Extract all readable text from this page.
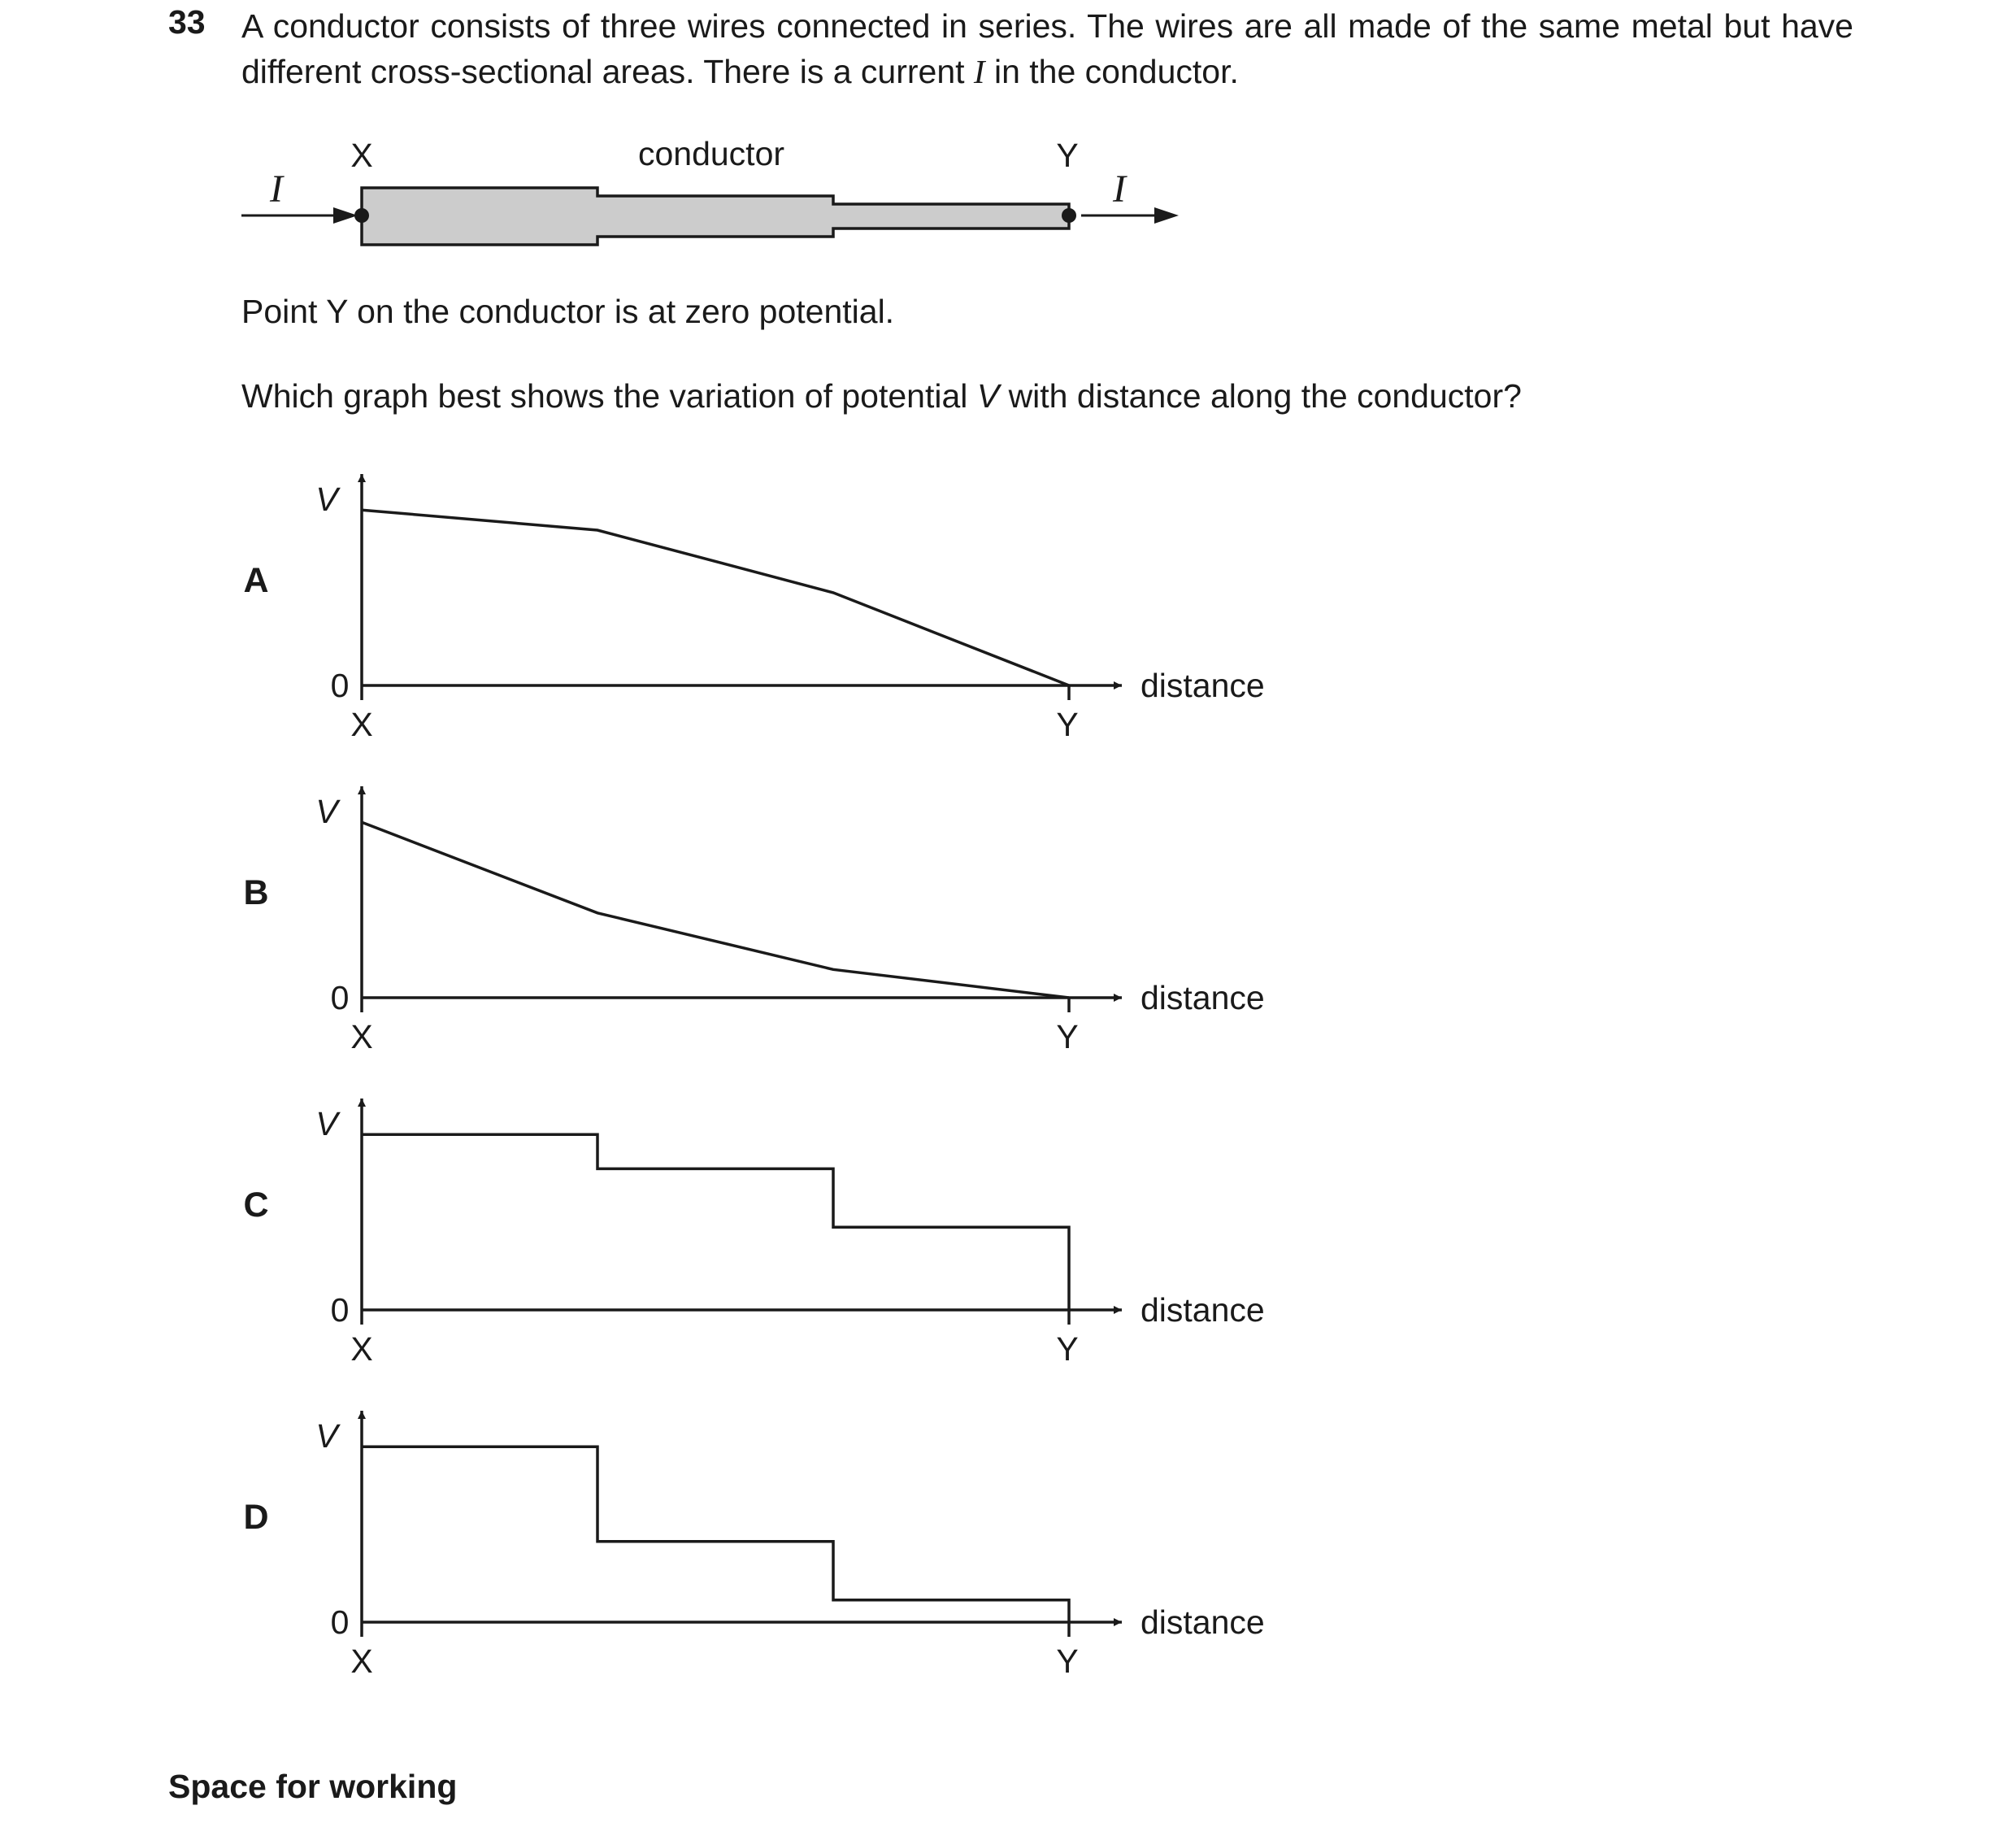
33 A conductor consists of three wires connected in series. The wires are all made of the same metal but have different cross-sectional areas. There is a current I in the conductor.
Point Y on the conductor is at zero potential.
Which graph best shows the variation of potential V with distance along the conductor?
I
X	conductor	Y
I
A
V
0	distance
X	Y
B
V
0	distance
X	Y
C
V
0	distance
X	Y
D
V
0	distance
X	Y
Space for working
